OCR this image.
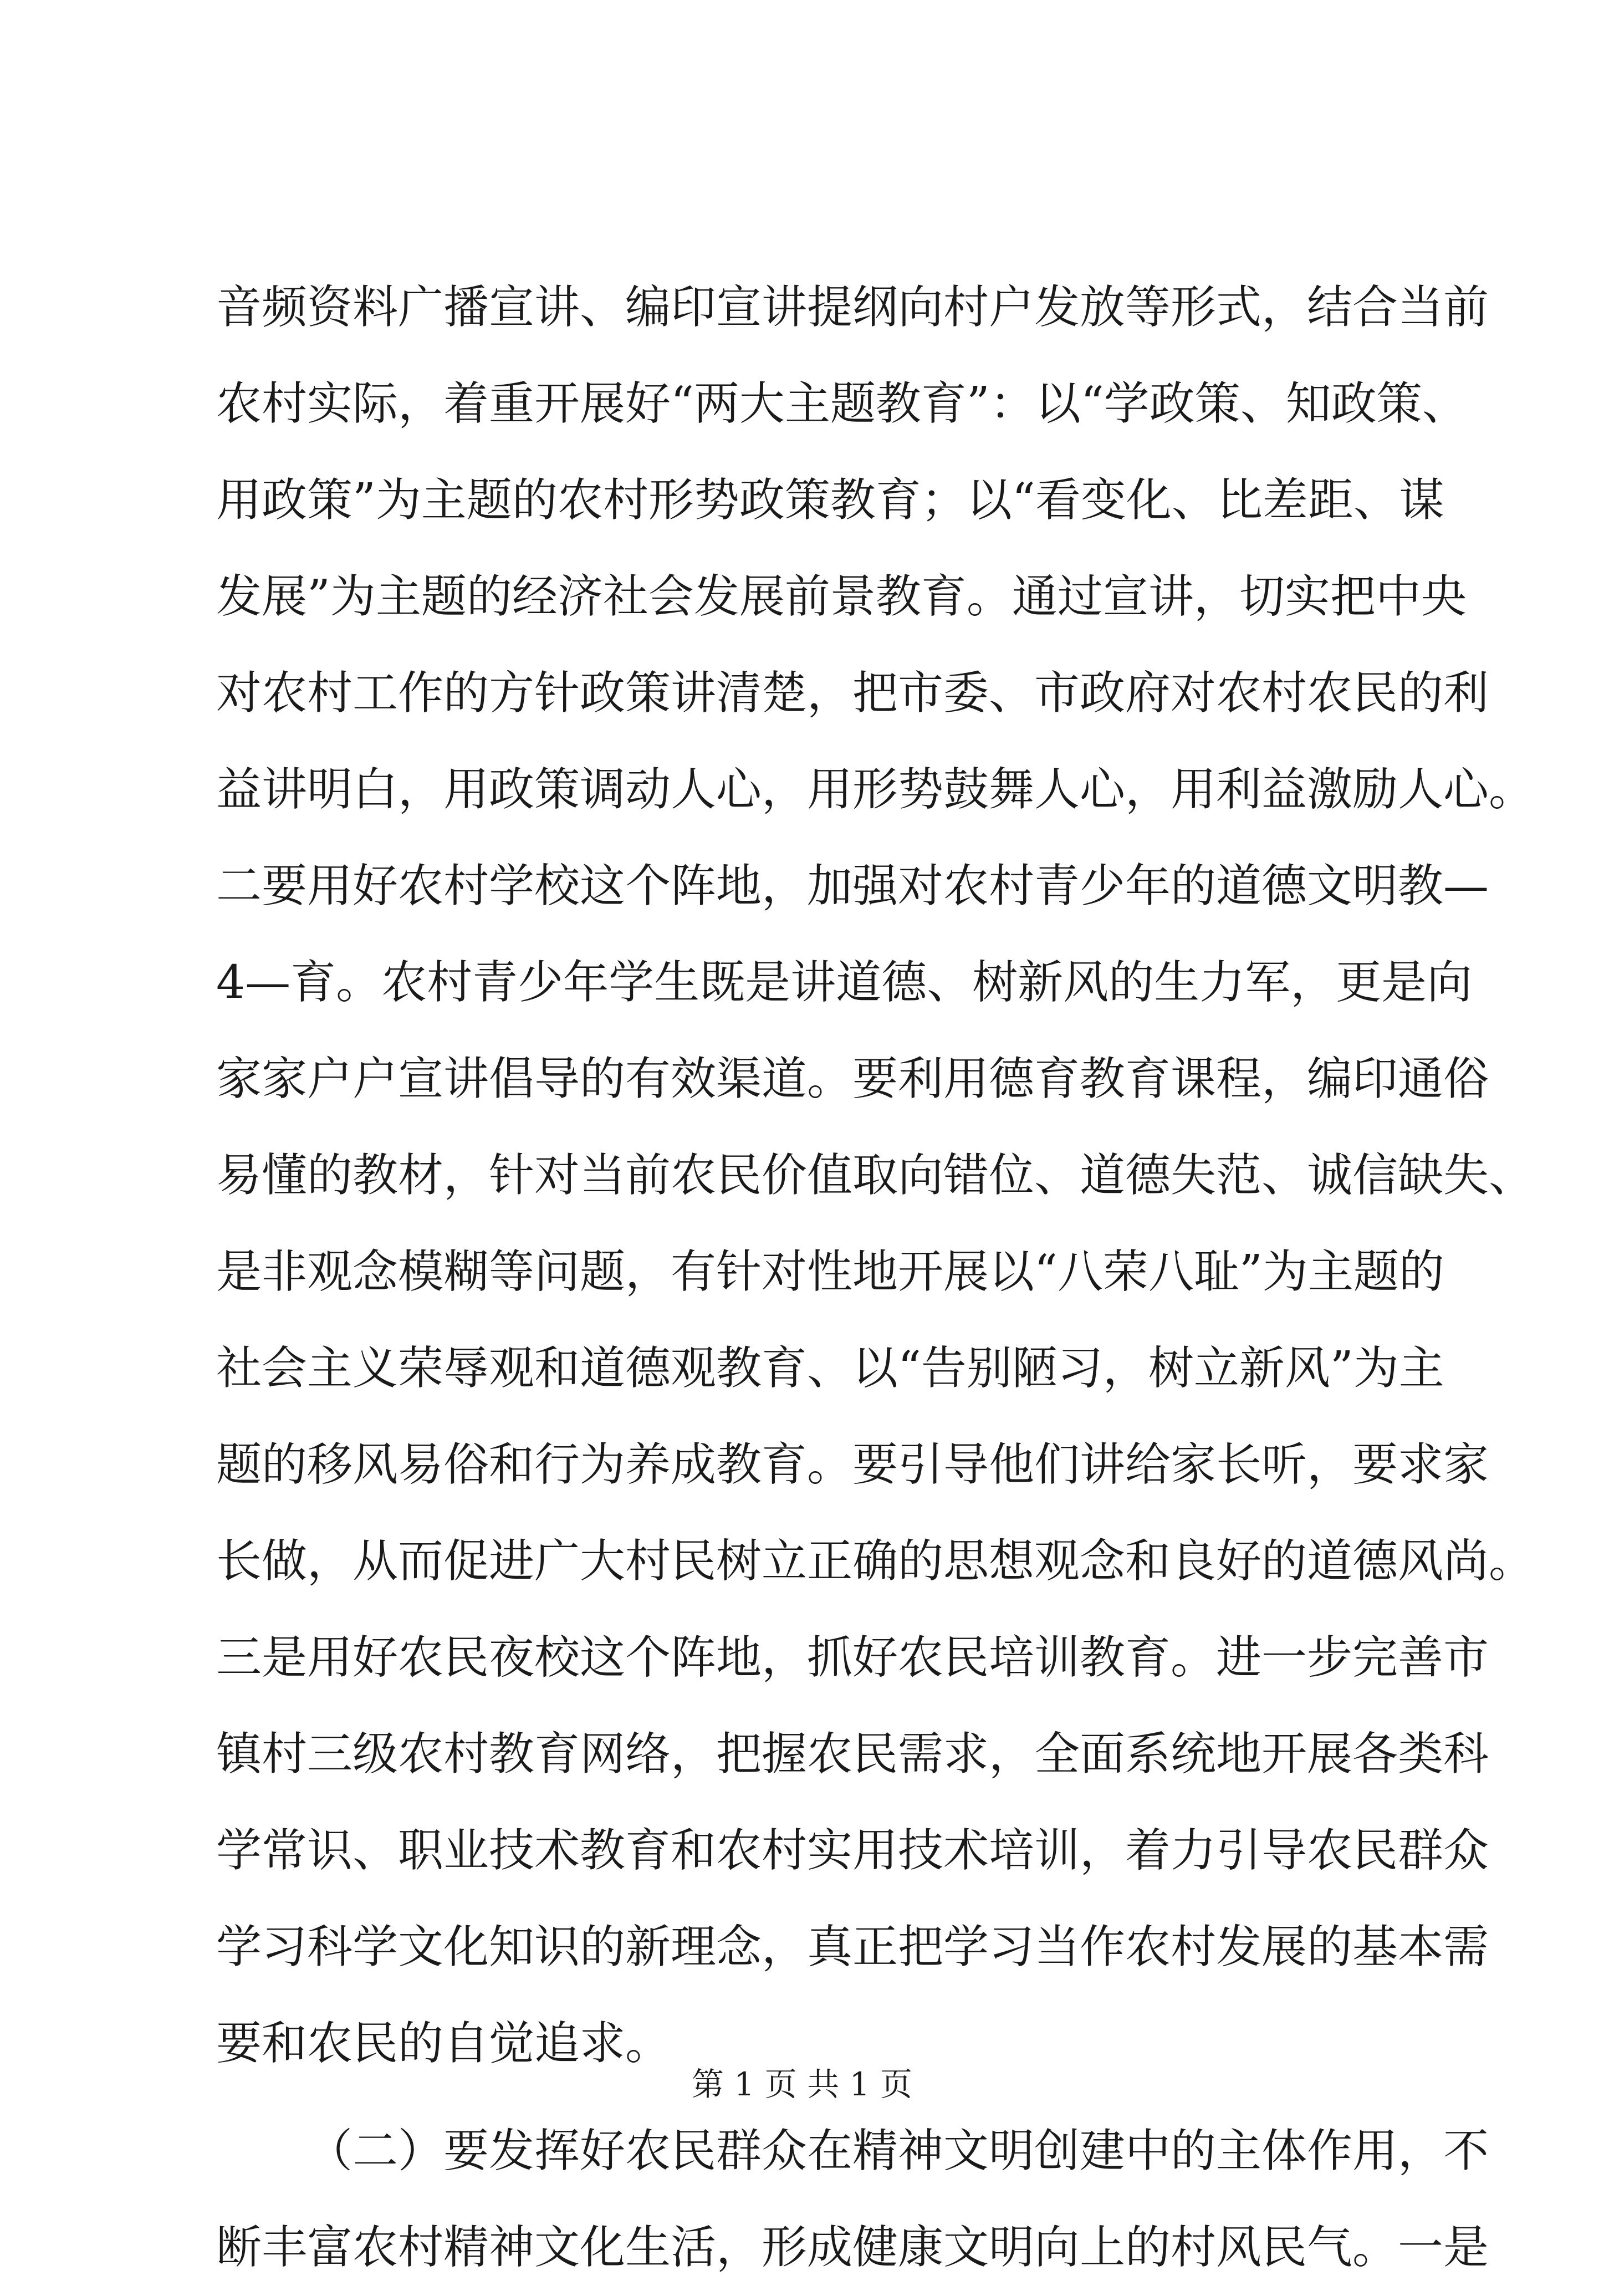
音频资料广播宣讲、编印宣讲提纲向村户发放等形式，结合当前
农村实际，着重开展好“两大主题教育”：以“学政策、知政策、
用政策”为主题的农村形势政策教育；以“看变化、比差距、谋
发展”为主题的经济社会发展前景教育。通过宣讲，切实把中央
对农村工作的方针政策讲清楚，把市委、市政府对农村农民的利
益讲明白，用政策调动人心，用形势鼓舞人心，用利益激励人心。
二要用好农村学校这个阵地，加强对农村青少年的道德文明教—
4—育。农村青少年学生既是讲道德、树新风的生力军，更是向
家家户户宣讲倡导的有效渠道。要利用德育教育课程，编印通俗
易懂的教材，针对当前农民价值取向错位、道德失范、诚信缺失、
是非观念模糊等问题，有针对性地开展以“八荣八耻”为主题的
社会主义荣辱观和道德观教育、以“告别陋习，树立新风”为主
题的移风易俗和行为养成教育。要引导他们讲给家长听，要求家
长做，从而促进广大村民树立正确的思想观念和良好的道德风尚。
三是用好农民夜校这个阵地，抓好农民培训教育。进一步完善市
镇村三级农村教育网络，把握农民需求，全面系统地开展各类科
学常识、职业技术教育和农村实用技术培训，着力引导农民群众
学习科学文化知识的新理念，真正把学习当作农村发展的基本需
要和农民的自觉追求。
（二）要发挥好农民群众在精神文明创建中的主体作用，不
断丰富农村精神文化生活，形成健康文明向上的村风民气。一是
第 1 页 共 1 页
